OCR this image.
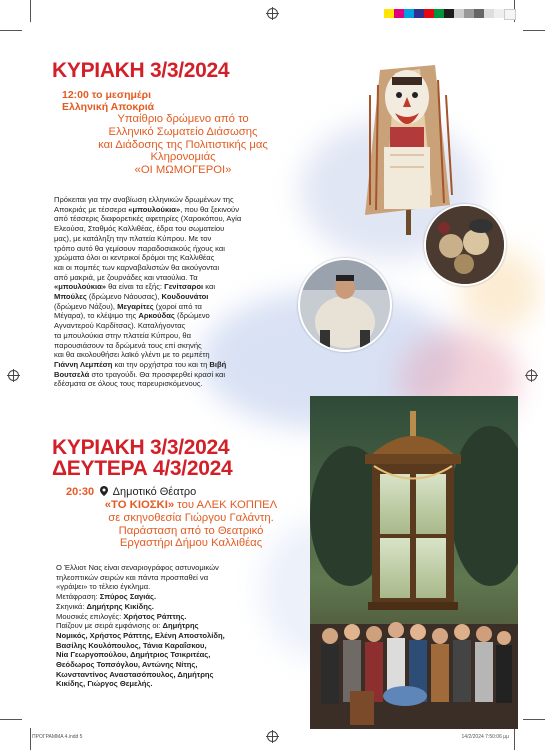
ΚΥΡΙΑΚΗ 3/3/2024
12:00 το μεσημέρι
Ελληνική Αποκριά
Υπαίθριο δρώμενο από το
Ελληνικό Σωματείο Διάσωσης
και Διάδοσης της Πολιτιστικής μας
Κληρονομιάς
«ΟΙ ΜΩΜΟΓΕΡΟΙ»
Πρόκειται για την αναβίωση ελληνικών δρωμένων της
Αποκριάς με τέσσερα «μπουλούκια», που θα ξεκινούν
από τέσσερις διαφορετικές αφετηρίες (Χαροκόπου, Αγία
Ελεούσα, Σταθμός Καλλιθέας, έδρα του σωματείου
μας), με κατάληξη την πλατεία Κύπρου. Με τον
τρόπο αυτό θα γεμίσουν παραδοσιακούς ήχους και
χρώματα όλοι οι κεντρικοί δρόμοι της Καλλιθέας
και οι πομπές των καρναβαλιστών θα ακούγονται
από μακριά, με ζουρνάδες και νταούλια. Τα
«μπουλούκια» θα είναι τα εξής: Γενίτσαροι και
Μπούλες (δρώμενο Νάουσας), Κουδουνάτοι
(δρώμενο Νάξου), Μεγαρίτες (χοροί από τα
Μέγαρα), το κλέψιμο της Αρκούδας (δρώμενο
Αγναντερού Καρδίτσας). Καταλήγοντας
τα μπουλούκια στην πλατεία Κύπρου, θα
παρουσιάσουν τα δρώμενά τους επί σκηνής
και θα ακολουθήσει λαϊκό γλέντι με το ρεμπέτη
Γιάννη Λεμπέση και την ορχήστρα του και τη Βιβή
Βουτσελά στο τραγούδι. Θα προσφερθεί κρασί και
εδέσματα σε όλους τους παρευρισκόμενους.
ΚΥΡΙΑΚΗ 3/3/2024
ΔΕΥΤΕΡΑ 4/3/2024
20:30 Δημοτικό Θέατρο
«ΤΟ ΚΙΟΣΚΙ» του ΑΛΕΚ ΚΟΠΠΕΛ
σε σκηνοθεσία Γιώργου Γαλάντη.
Παράσταση από το Θεατρικό
Εργαστήρι Δήμου Καλλιθέας
Ο Έλλιοτ Νας είναι σεναριογράφος αστυνομικών
τηλεοπτικών σειρών και πάντα προσπαθεί να
«γράψει» το τέλειο έγκλημα.
Μετάφραση: Σπύρος Σαγιάς.
Σκηνικά: Δημήτρης Κικίδης.
Μουσικές επιλογές: Χρήστος Ράπτης.
Παίζουν με σειρά εμφάνισης οι: Δημήτρης
Νομικός, Χρήστος Ράπτης, Ελένη Αποστολίδη,
Βασίλης Κουλόπουλος, Τάνια Καραΐσκου,
Νία Γεωργοπούλου, Δημήτριος Τσικριτέας,
Θεόδωρος Τοπσόγλου, Αντώνης Νίτης,
Κωνσταντίνος Αναστασόπουλος, Δημήτρης
Κικίδης, Γιώργος Θεμελής.
ΠΡΟΓΡΑΜΜΑ 4.indd 5	14/2/2024 7:50:06 μμ
